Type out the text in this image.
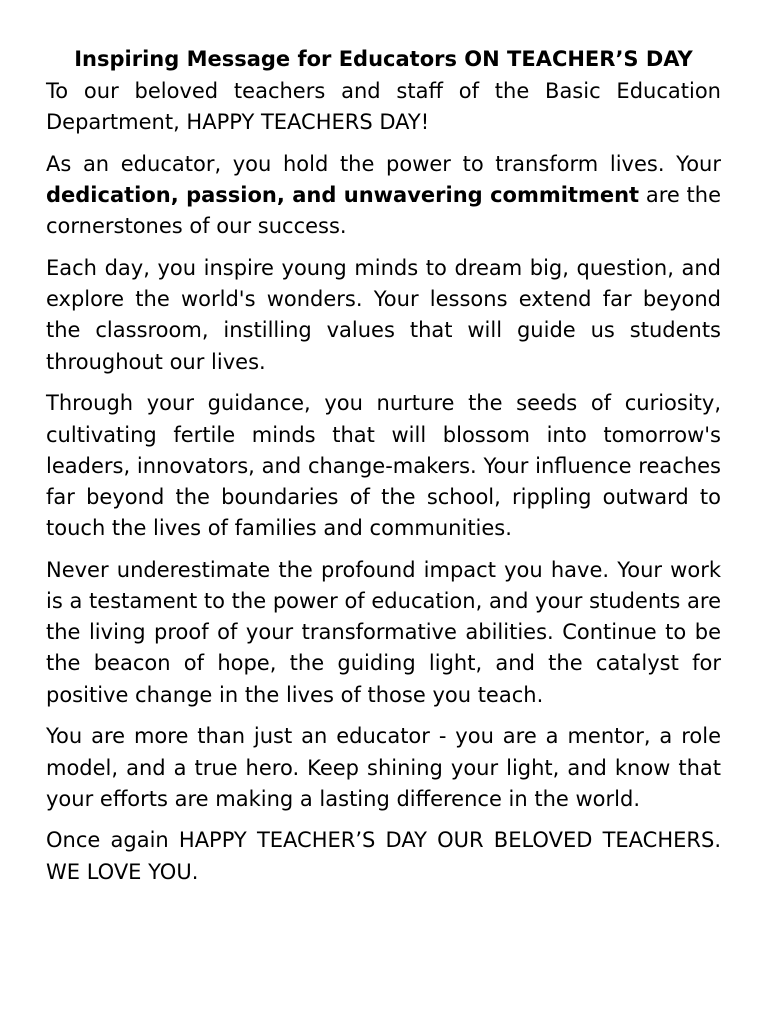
Inspiring Message for Educators ON TEACHER’S DAY

To our beloved teachers and staff of the Basic Education Department, HAPPY TEACHERS DAY!

As an educator, you hold the power to transform lives. Your dedication, passion, and unwavering commitment are the cornerstones of our success.

Each day, you inspire young minds to dream big, question, and explore the world's wonders. Your lessons extend far beyond the classroom, instilling values that will guide us students throughout our lives.

Through your guidance, you nurture the seeds of curiosity, cultivating fertile minds that will blossom into tomorrow's leaders, innovators, and change-makers. Your influence reaches far beyond the boundaries of the school, rippling outward to touch the lives of families and communities.

Never underestimate the profound impact you have. Your work is a testament to the power of education, and your students are the living proof of your transformative abilities. Continue to be the beacon of hope, the guiding light, and the catalyst for positive change in the lives of those you teach.

You are more than just an educator - you are a mentor, a role model, and a true hero. Keep shining your light, and know that your efforts are making a lasting difference in the world.

Once again HAPPY TEACHER’S DAY OUR BELOVED TEACHERS. WE LOVE YOU.
